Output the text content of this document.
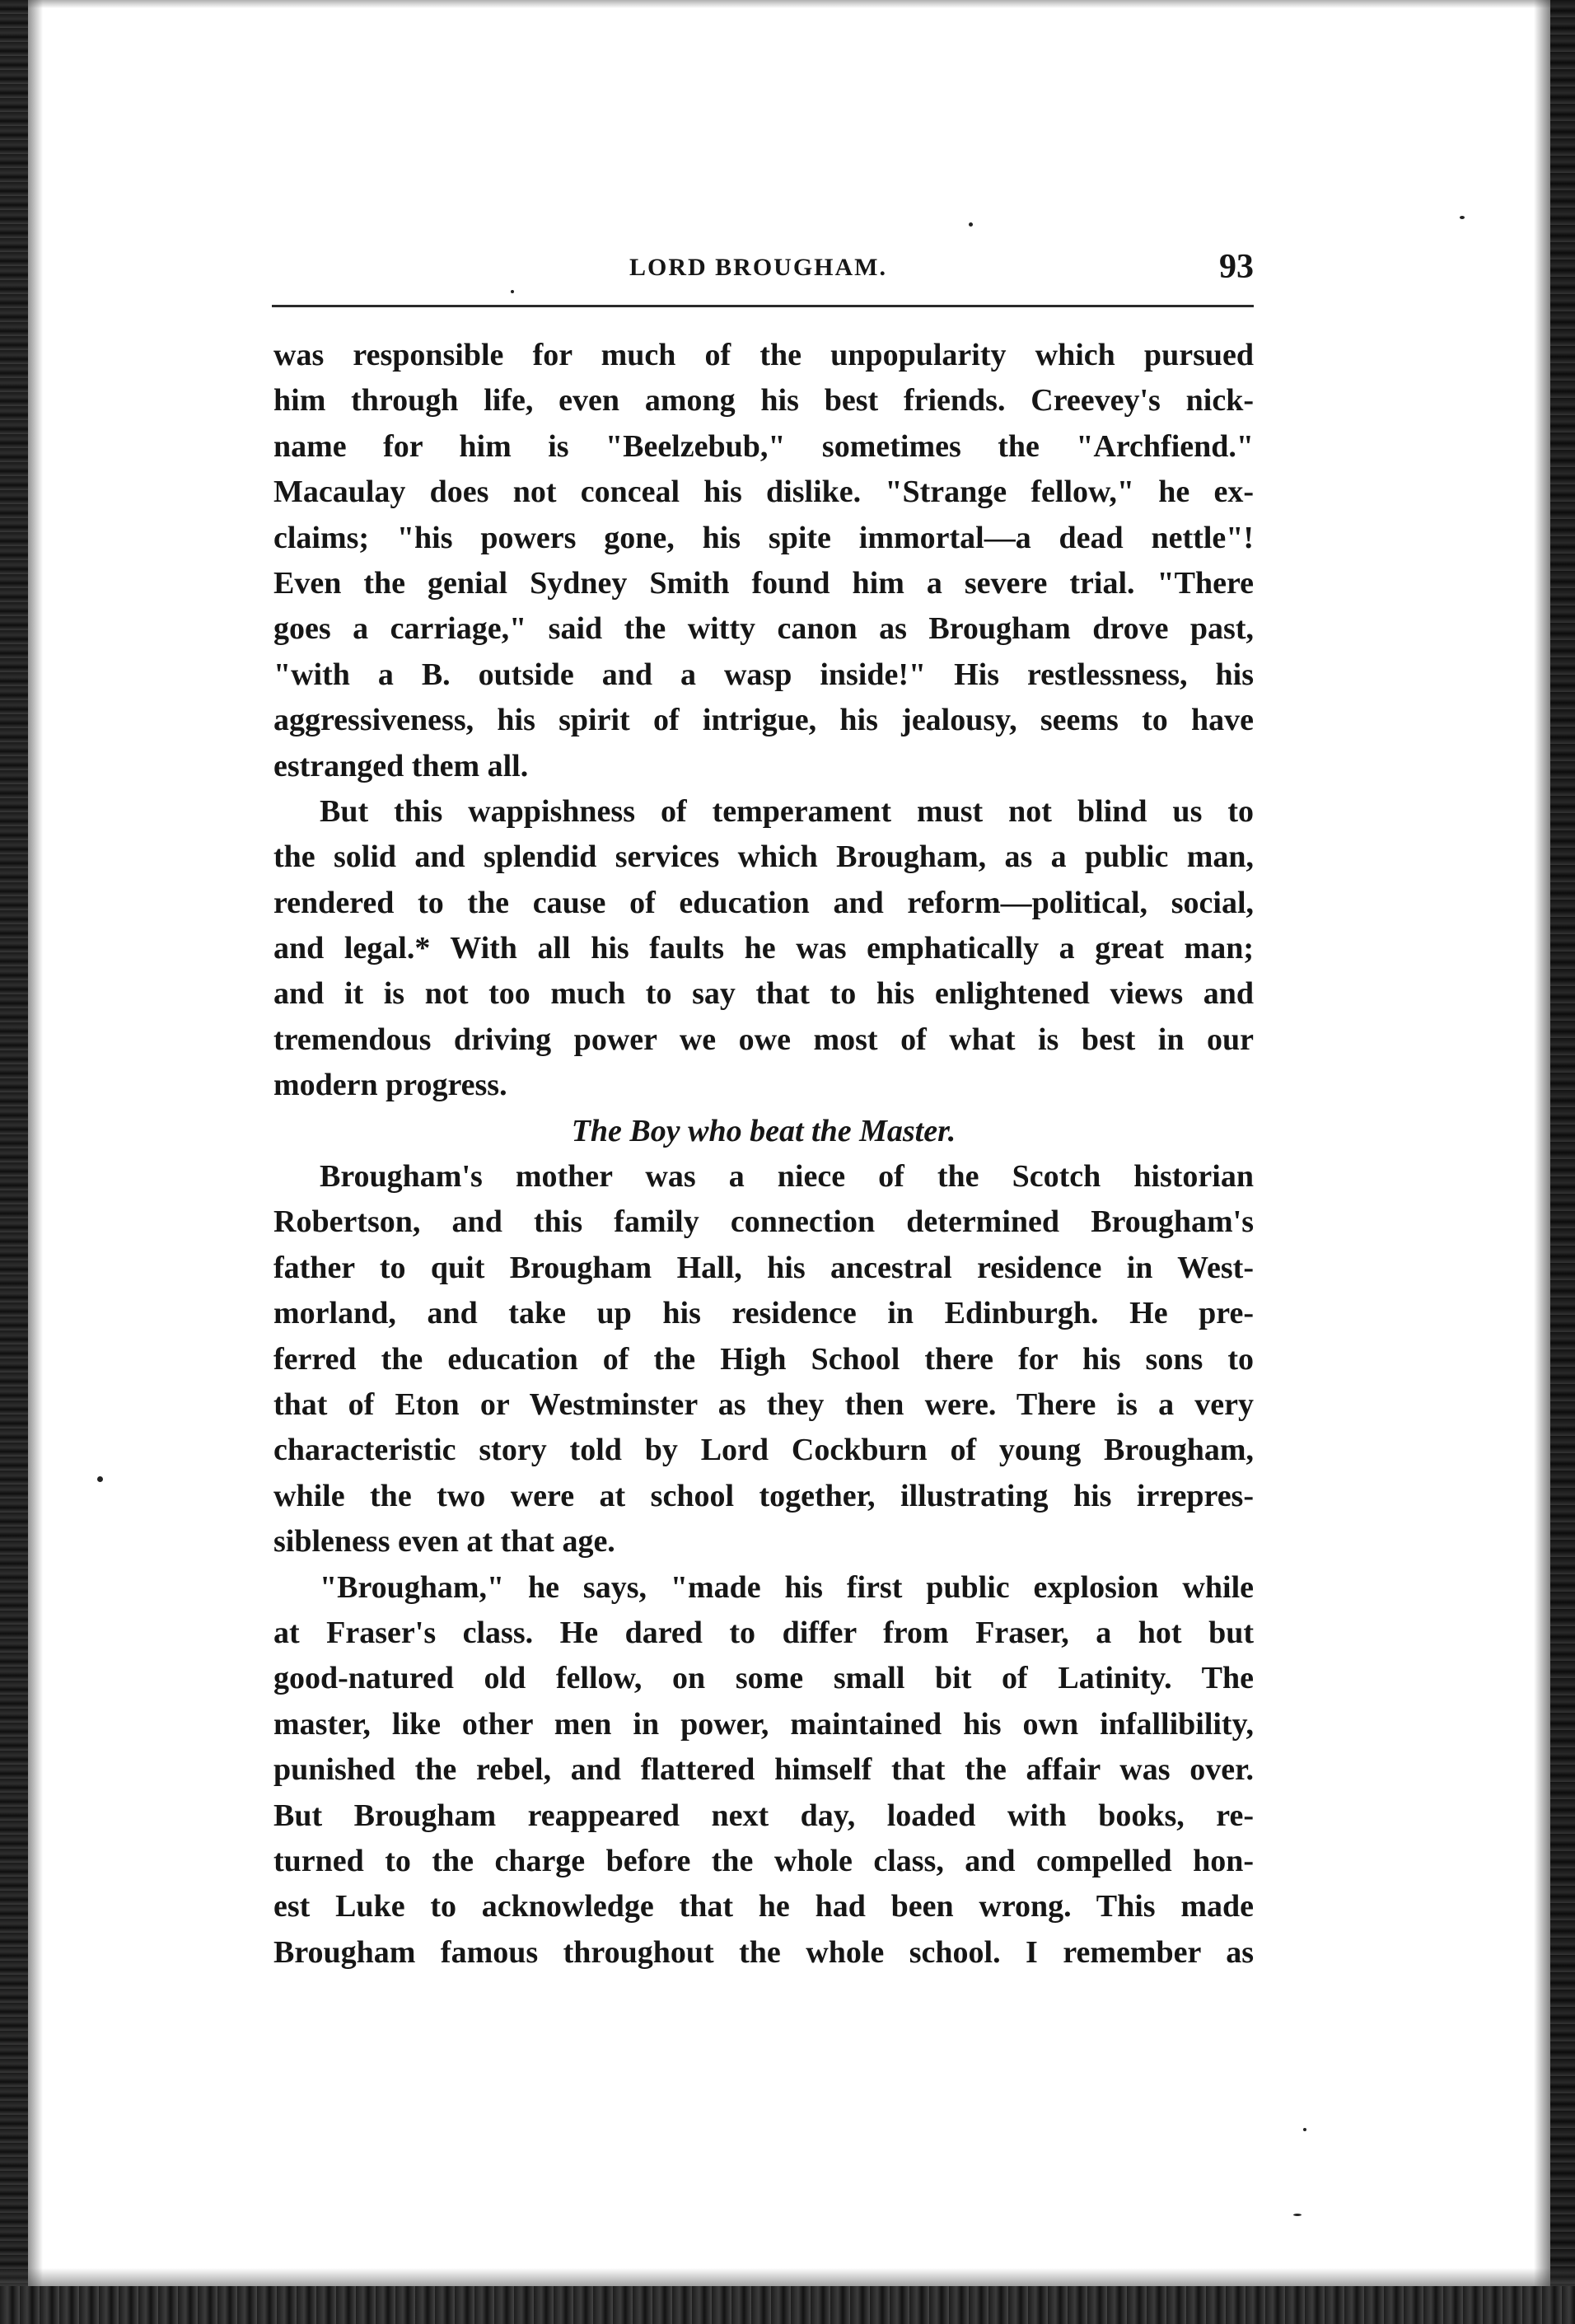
LORD BROUGHAM.	93
was responsible for much of the unpopularity which pursued
him through life, even among his best friends. Creevey's nick-
name for him is "Beelzebub," sometimes the "Archfiend."
Macaulay does not conceal his dislike. "Strange fellow," he ex-
claims; "his powers gone, his spite immortal—a dead nettle"!
Even the genial Sydney Smith found him a severe trial. "There
goes a carriage," said the witty canon as Brougham drove past,
"with a B. outside and a wasp inside!" His restlessness, his
aggressiveness, his spirit of intrigue, his jealousy, seems to have
estranged them all.
But this wappishness of temperament must not blind us to
the solid and splendid services which Brougham, as a public man,
rendered to the cause of education and reform—political, social,
and legal.* With all his faults he was emphatically a great man;
and it is not too much to say that to his enlightened views and
tremendous driving power we owe most of what is best in our
modern progress.
The Boy who beat the Master.
Brougham's mother was a niece of the Scotch historian
Robertson, and this family connection determined Brougham's
father to quit Brougham Hall, his ancestral residence in West-
morland, and take up his residence in Edinburgh. He pre-
ferred the education of the High School there for his sons to
that of Eton or Westminster as they then were. There is a very
characteristic story told by Lord Cockburn of young Brougham,
while the two were at school together, illustrating his irrepres-
sibleness even at that age.
"Brougham," he says, "made his first public explosion while
at Fraser's class. He dared to differ from Fraser, a hot but
good-natured old fellow, on some small bit of Latinity. The
master, like other men in power, maintained his own infallibility,
punished the rebel, and flattered himself that the affair was over.
But Brougham reappeared next day, loaded with books, re-
turned to the charge before the whole class, and compelled hon-
est Luke to acknowledge that he had been wrong. This made
Brougham famous throughout the whole school. I remember as
